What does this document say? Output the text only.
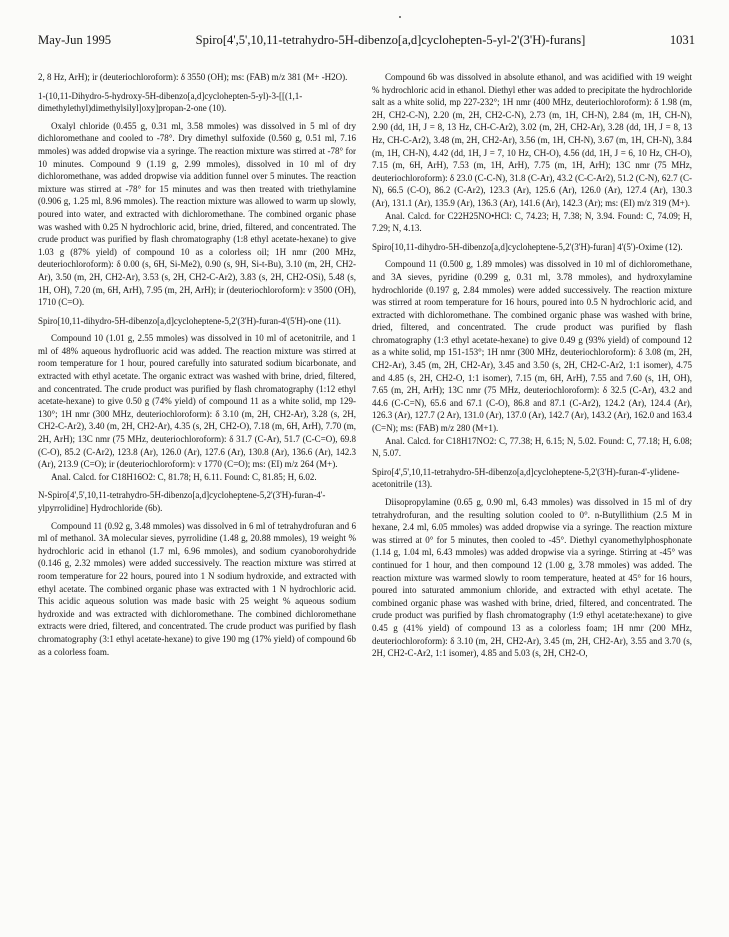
May-Jun 1995	Spiro[4',5',10,11-tetrahydro-5H-dibenzo[a,d]cyclohepten-5-yl-2'(3'H)-furans]	1031

2, 8 Hz, ArH); ir (deuteriochloroform): δ 3550 (OH); ms: (FAB) m/z 381 (M+ -H2O).

1-(10,11-Dihydro-5-hydroxy-5H-dibenzo[a,d]cyclohepten-5-yl)-3-[[(1,1-dimethylethyl)dimethylsilyl]oxy]propan-2-one (10).

Oxalyl chloride (0.455 g, 0.31 ml, 3.58 mmoles) was dissolved in 5 ml of dry dichloromethane and cooled to -78°. Dry dimethyl sulfoxide (0.560 g, 0.51 ml, 7.16 mmoles) was added dropwise via a syringe. The reaction mixture was stirred at -78° for 10 minutes. Compound 9 (1.19 g, 2.99 mmoles), dissolved in 10 ml of dry dichloromethane, was added dropwise via addition funnel over 5 minutes. The reaction mixture was stirred at -78° for 15 minutes and was then treated with triethylamine (0.906 g, 1.25 ml, 8.96 mmoles). The reaction mixture was allowed to warm up slowly, poured into water, and extracted with dichloromethane. The combined organic phase was washed with 0.25 N hydrochloric acid, brine, dried, filtered, and concentrated. The crude product was purified by flash chromatography (1:8 ethyl acetate-hexane) to give 1.03 g (87% yield) of compound 10 as a colorless oil; 1H nmr (200 MHz, deuteriochloroform): δ 0.00 (s, 6H, Si-Me2), 0.90 (s, 9H, Si-t-Bu), 3.10 (m, 2H, CH2-Ar), 3.50 (m, 2H, CH2-Ar), 3.53 (s, 2H, CH2-C-Ar2), 3.83 (s, 2H, CH2-OSi), 5.48 (s, 1H, OH), 7.20 (m, 6H, ArH), 7.95 (m, 2H, ArH); ir (deuteriochloroform): ν 3500 (OH), 1710 (C=O).

Spiro[10,11-dihydro-5H-dibenzo[a,d]cycloheptene-5,2'(3'H)-furan-4'(5'H)-one (11).

Compound 10 (1.01 g, 2.55 mmoles) was dissolved in 10 ml of acetonitrile, and 1 ml of 48% aqueous hydrofluoric acid was added. The reaction mixture was stirred at room temperature for 1 hour, poured carefully into saturated sodium bicarbonate, and extracted with ethyl acetate. The organic extract was washed with brine, dried, filtered, and concentrated. The crude product was purified by flash chromatography (1:12 ethyl acetate-hexane) to give 0.50 g (74% yield) of compound 11 as a white solid, mp 129-130°; 1H nmr (300 MHz, deuteriochloroform): δ 3.10 (m, 2H, CH2-Ar), 3.28 (s, 2H, CH2-C-Ar2), 3.40 (m, 2H, CH2-Ar), 4.35 (s, 2H, CH2-O), 7.18 (m, 6H, ArH), 7.70 (m, 2H, ArH); 13C nmr (75 MHz, deuteriochloroform): δ 31.7 (C-Ar), 51.7 (C-C=O), 69.8 (C-O), 85.2 (C-Ar2), 123.8 (Ar), 126.0 (Ar), 127.6 (Ar), 130.8 (Ar), 136.6 (Ar), 142.3 (Ar), 213.9 (C=O); ir (deuteriochloroform): ν 1770 (C=O); ms: (EI) m/z 264 (M+).

Anal. Calcd. for C18H16O2: C, 81.78; H, 6.11. Found: C, 81.85; H, 6.02.

N-Spiro[4',5',10,11-tetrahydro-5H-dibenzo[a,d]cycloheptene-5,2'(3'H)-furan-4'-ylpyrrolidine] Hydrochloride (6b).

Compound 11 (0.92 g, 3.48 mmoles) was dissolved in 6 ml of tetrahydrofuran and 6 ml of methanol. 3A molecular sieves, pyrrolidine (1.48 g, 20.88 mmoles), 19 weight % hydrochloric acid in ethanol (1.7 ml, 6.96 mmoles), and sodium cyanoborohydride (0.146 g, 2.32 mmoles) were added successively. The reaction mixture was stirred at room temperature for 22 hours, poured into 1 N sodium hydroxide, and extracted with ethyl acetate. The combined organic phase was extracted with 1 N hydrochloric acid. This acidic aqueous solution was made basic with 25 weight % aqueous sodium hydroxide and was extracted with dichloromethane. The combined dichloromethane extracts were dried, filtered, and concentrated. The crude product was purified by flash chromatography (3:1 ethyl acetate-hexane) to give 190 mg (17% yield) of compound 6b as a colorless foam.

Compound 6b was dissolved in absolute ethanol, and was acidified with 19 weight % hydrochloric acid in ethanol. Diethyl ether was added to precipitate the hydrochloride salt as a white solid, mp 227-232°; 1H nmr (400 MHz, deuteriochloroform): δ 1.98 (m, 2H, CH2-C-N), 2.20 (m, 2H, CH2-C-N), 2.73 (m, 1H, CH-N), 2.84 (m, 1H, CH-N), 2.90 (dd, 1H, J = 8, 13 Hz, CH-C-Ar2), 3.02 (m, 2H, CH2-Ar), 3.28 (dd, 1H, J = 8, 13 Hz, CH-C-Ar2), 3.48 (m, 2H, CH2-Ar), 3.56 (m, 1H, CH-N), 3.67 (m, 1H, CH-N), 3.84 (m, 1H, CH-N), 4.42 (dd, 1H, J = 7, 10 Hz, CH-O), 4.56 (dd, 1H, J = 6, 10 Hz, CH-O), 7.15 (m, 6H, ArH), 7.53 (m, 1H, ArH), 7.75 (m, 1H, ArH); 13C nmr (75 MHz, deuteriochloroform): δ 23.0 (C-C-N), 31.8 (C-Ar), 43.2 (C-C-Ar2), 51.2 (C-N), 62.7 (C-N), 66.5 (C-O), 86.2 (C-Ar2), 123.3 (Ar), 125.6 (Ar), 126.0 (Ar), 127.4 (Ar), 130.3 (Ar), 131.1 (Ar), 135.9 (Ar), 136.3 (Ar), 141.6 (Ar), 142.3 (Ar); ms: (EI) m/z 319 (M+).

Anal. Calcd. for C22H25NO•HCl: C, 74.23; H, 7.38; N, 3.94. Found: C, 74.09; H, 7.29; N, 4.13.

Spiro[10,11-dihydro-5H-dibenzo[a,d]cycloheptene-5,2'(3'H)-furan] 4'(5')-Oxime (12).

Compound 11 (0.500 g, 1.89 mmoles) was dissolved in 10 ml of dichloromethane, and 3A sieves, pyridine (0.299 g, 0.31 ml, 3.78 mmoles), and hydroxylamine hydrochloride (0.197 g, 2.84 mmoles) were added successively. The reaction mixture was stirred at room temperature for 16 hours, poured into 0.5 N hydrochloric acid, and extracted with dichloromethane. The combined organic phase was washed with brine, dried, filtered, and concentrated. The crude product was purified by flash chromatography (1:3 ethyl acetate-hexane) to give 0.49 g (93% yield) of compound 12 as a white solid, mp 151-153°; 1H nmr (300 MHz, deuteriochloroform): δ 3.08 (m, 2H, CH2-Ar), 3.45 (m, 2H, CH2-Ar), 3.45 and 3.50 (s, 2H, CH2-C-Ar2, 1:1 isomer), 4.75 and 4.85 (s, 2H, CH2-O, 1:1 isomer), 7.15 (m, 6H, ArH), 7.55 and 7.60 (s, 1H, OH), 7.65 (m, 2H, ArH); 13C nmr (75 MHz, deuteriochloroform): δ 32.5 (C-Ar), 43.2 and 44.6 (C-C=N), 65.6 and 67.1 (C-O), 86.8 and 87.1 (C-Ar2), 124.2 (Ar), 124.4 (Ar), 126.3 (Ar), 127.7 (2 Ar), 131.0 (Ar), 137.0 (Ar), 142.7 (Ar), 143.2 (Ar), 162.0 and 163.4 (C=N); ms: (FAB) m/z 280 (M+1).

Anal. Calcd. for C18H17NO2: C, 77.38; H, 6.15; N, 5.02. Found: C, 77.18; H, 6.08; N, 5.07.

Spiro[4',5',10,11-tetrahydro-5H-dibenzo[a,d]cycloheptene-5,2'(3'H)-furan-4'-ylidene-acetonitrile (13).

Diisopropylamine (0.65 g, 0.90 ml, 6.43 mmoles) was dissolved in 15 ml of dry tetrahydrofuran, and the resulting solution cooled to 0°. n-Butyllithium (2.5 M in hexane, 2.4 ml, 6.05 mmoles) was added dropwise via a syringe. The reaction mixture was stirred at 0° for 5 minutes, then cooled to -45°. Diethyl cyanomethylphosphonate (1.14 g, 1.04 ml, 6.43 mmoles) was added dropwise via a syringe. Stirring at -45° was continued for 1 hour, and then compound 12 (1.00 g, 3.78 mmoles) was added. The reaction mixture was warmed slowly to room temperature, heated at 45° for 16 hours, poured into saturated ammonium chloride, and extracted with ethyl acetate. The combined organic phase was washed with brine, dried, filtered, and concentrated. The crude product was purified by flash chromatography (1:9 ethyl acetate:hexane) to give 0.45 g (41% yield) of compound 13 as a colorless foam; 1H nmr (200 MHz, deuteriochloroform): δ 3.10 (m, 2H, CH2-Ar), 3.45 (m, 2H, CH2-Ar), 3.55 and 3.70 (s, 2H, CH2-C-Ar2, 1:1 isomer), 4.85 and 5.03 (s, 2H, CH2-O,
